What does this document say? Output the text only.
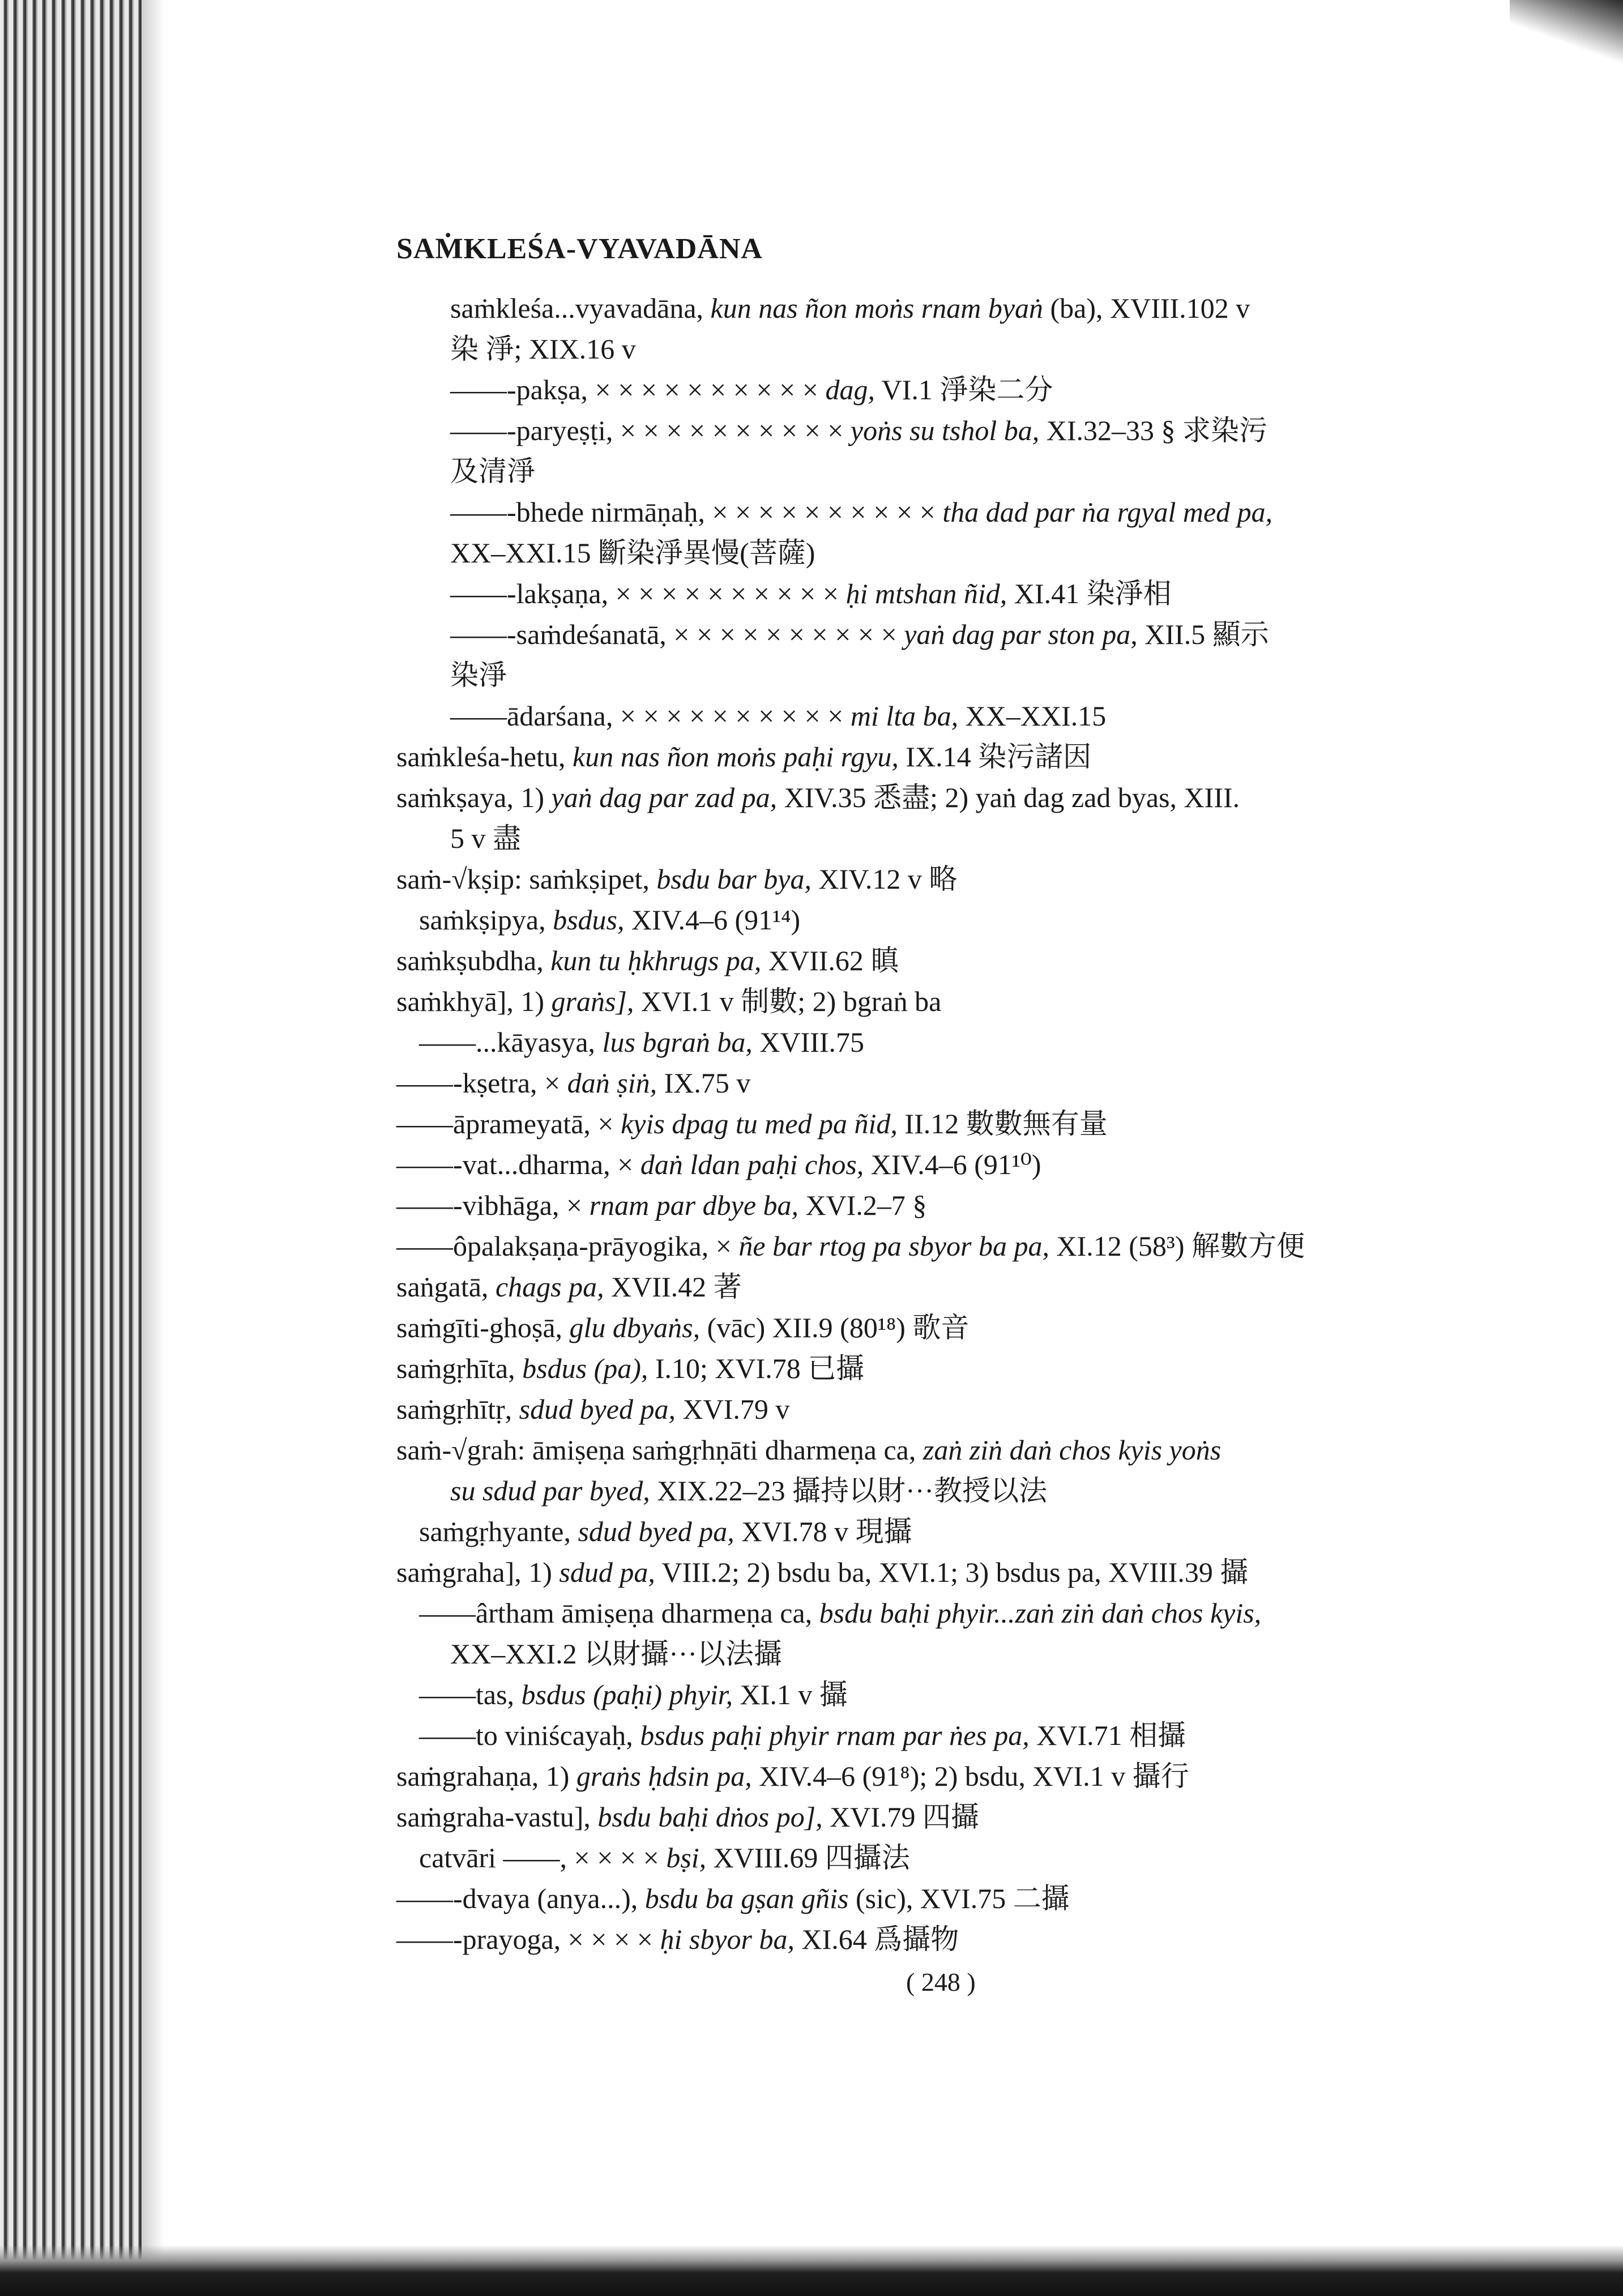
SAṀKLEŚA-VYAVADĀNA
saṁkleśa...vyavadāna, kun nas ñon moṅs rnam byaṅ (ba), XVIII.102 v
染 淨; XIX.16 v
——-pakṣa, × × × × × × × × × × dag, VI.1 淨染二分
——-paryeṣṭi, × × × × × × × × × × yoṅs su tshol ba, XI.32–33 § 求染污
及清淨
——-bhede nirmāṇaḥ, × × × × × × × × × × tha dad par ṅa rgyal med pa,
XX–XXI.15 斷染淨異慢(菩薩)
——-lakṣaṇa, × × × × × × × × × × ḥi mtshan ñid, XI.41 染淨相
——-saṁdeśanatā, × × × × × × × × × × yaṅ dag par ston pa, XII.5 顯示
染淨
——ādarśana, × × × × × × × × × × mi lta ba, XX–XXI.15
saṁkleśa-hetu, kun nas ñon moṅs paḥi rgyu, IX.14 染污諸因
saṁkṣaya, 1) yaṅ dag par zad pa, XIV.35 悉盡; 2) yaṅ dag zad byas, XIII.
5 v 盡
saṁ-√kṣip: saṁkṣipet, bsdu bar bya, XIV.12 v 略
saṁkṣipya, bsdus, XIV.4–6 (91¹⁴)
saṁkṣubdha, kun tu ḥkhrugs pa, XVII.62 瞋
saṁkhyā], 1) graṅs], XVI.1 v 制數; 2) bgraṅ ba
——...kāyasya, lus bgraṅ ba, XVIII.75
——-kṣetra, × daṅ ṣiṅ, IX.75 v
——āprameyatā, × kyis dpag tu med pa ñid, II.12 數數無有量
——-vat...dharma, × daṅ ldan paḥi chos, XIV.4–6 (91¹⁰)
——-vibhāga, × rnam par dbye ba, XVI.2–7 §
——ôpalakṣaṇa-prāyogika, × ñe bar rtog pa sbyor ba pa, XI.12 (58³) 解數方便
saṅgatā, chags pa, XVII.42 著
saṁgīti-ghoṣā, glu dbyaṅs, (vāc) XII.9 (80¹⁸) 歌音
saṁgṛhīta, bsdus (pa), I.10; XVI.78 已攝
saṁgṛhītṛ, sdud byed pa, XVI.79 v
saṁ-√grah: āmiṣeṇa saṁgṛhṇāti dharmeṇa ca, zaṅ ziṅ daṅ chos kyis yoṅs
su sdud par byed, XIX.22–23 攝持以財···教授以法
saṁgṛhyante, sdud byed pa, XVI.78 v 現攝
saṁgraha], 1) sdud pa, VIII.2; 2) bsdu ba, XVI.1; 3) bsdus pa, XVIII.39 攝
——ârtham āmiṣeṇa dharmeṇa ca, bsdu baḥi phyir...zaṅ ziṅ daṅ chos kyis,
XX–XXI.2 以財攝···以法攝
——tas, bsdus (paḥi) phyir, XI.1 v 攝
——to viniścayaḥ, bsdus paḥi phyir rnam par ṅes pa, XVI.71 相攝
saṁgrahaṇa, 1) graṅs ḥdsin pa, XIV.4–6 (91⁸); 2) bsdu, XVI.1 v 攝行
saṁgraha-vastu], bsdu baḥi dṅos po], XVI.79 四攝
catvāri ——, × × × × bṣi, XVIII.69 四攝法
——-dvaya (anya...), bsdu ba gṣan gñis (sic), XVI.75 二攝
——-prayoga, × × × × ḥi sbyor ba, XI.64 爲攝物
( 248 )
